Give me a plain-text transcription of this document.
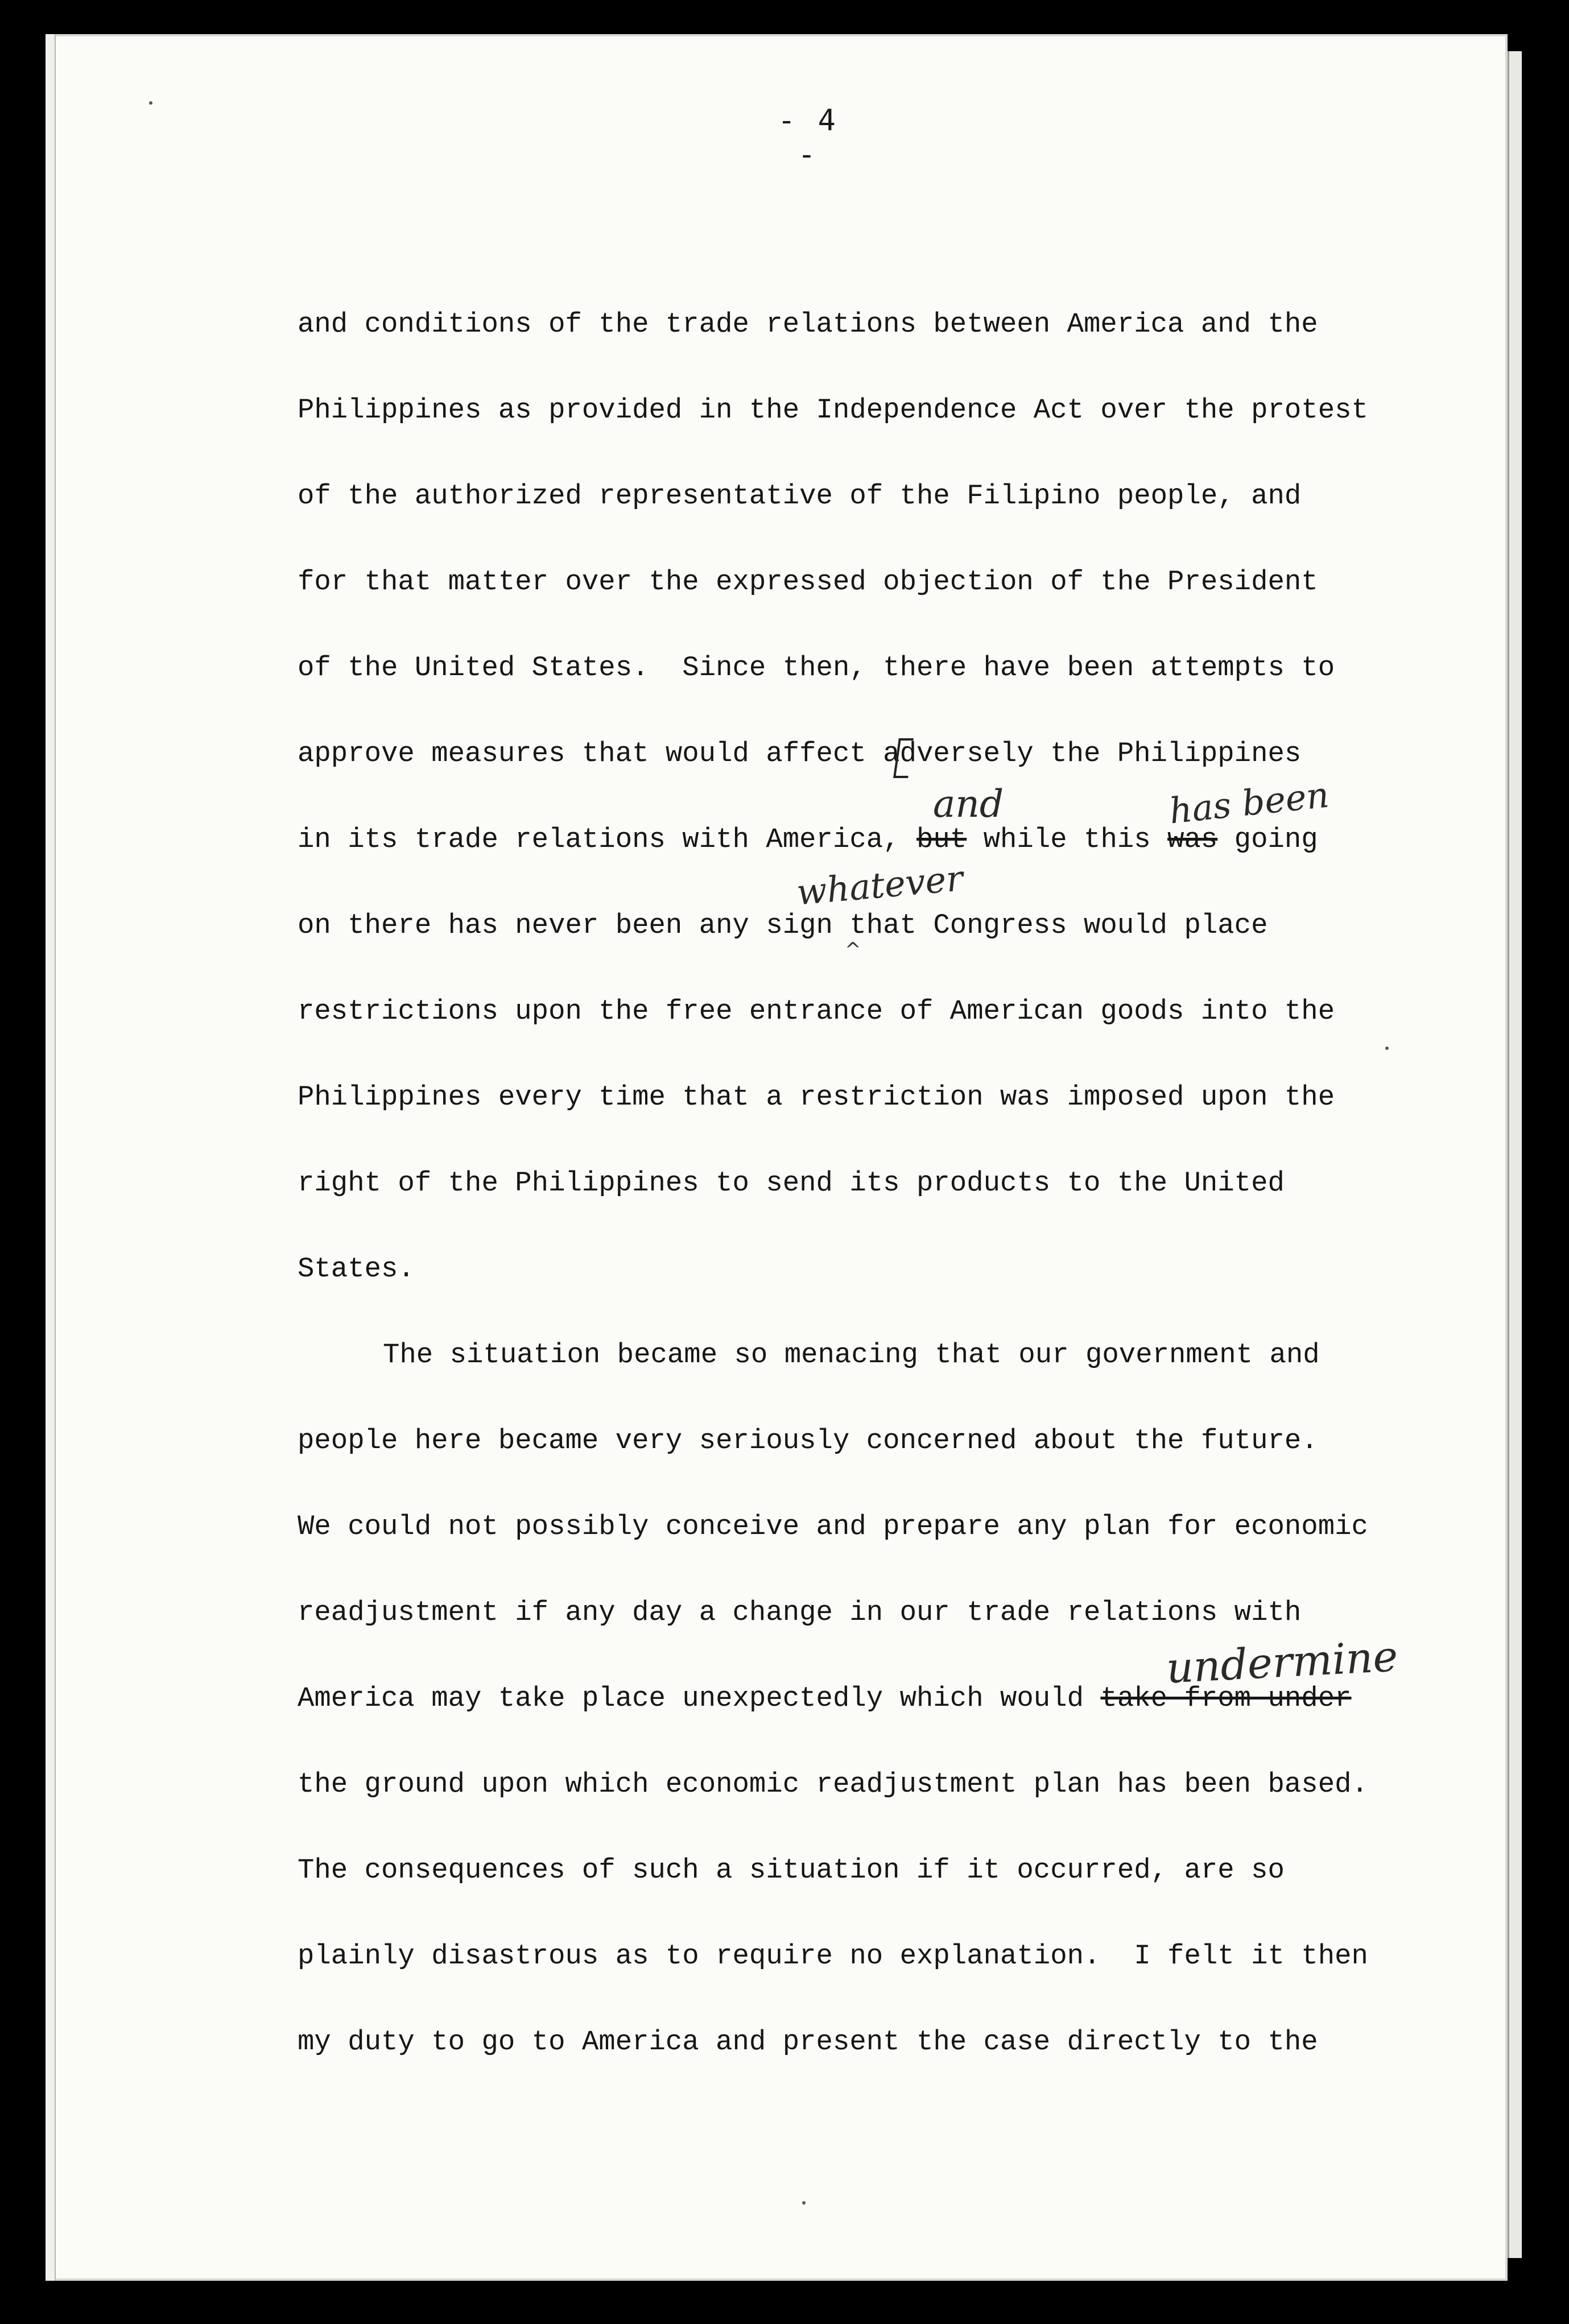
- 4 -
and conditions of the trade relations between America and the
Philippines as provided in the Independence Act over the protest
of the authorized representative of the Filipino people, and
for that matter over the expressed objection of the President
of the United States.  Since then, there have been attempts to
approve measures that would affect adversely the Philippines
in its trade relations with America, but while this was going
on there has never been any sign that Congress would place
restrictions upon the free entrance of American goods into the
Philippines every time that a restriction was imposed upon the
right of the Philippines to send its products to the United
States.
The situation became so menacing that our government and
people here became very seriously concerned about the future.
We could not possibly conceive and prepare any plan for economic
readjustment if any day a change in our trade relations with
America may take place unexpectedly which would take from under
the ground upon which economic readjustment plan has been based.
The consequences of such a situation if it occurred, are so
plainly disastrous as to require no explanation.  I felt it then
my duty to go to America and present the case directly to the
and	has been
whatever
^
undermine
